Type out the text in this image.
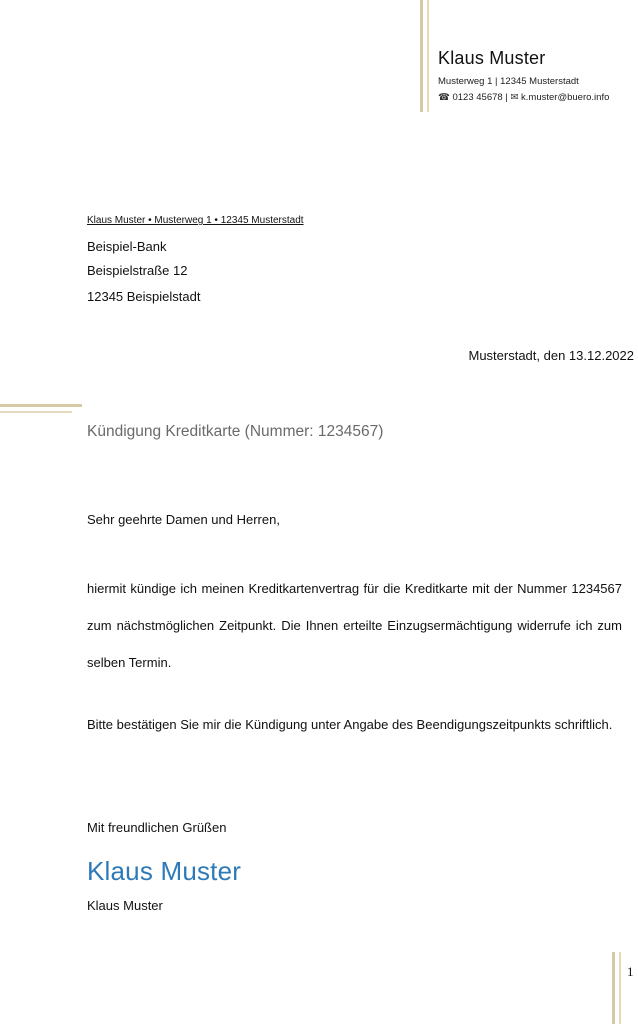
Klaus Muster
Musterweg 1 | 12345 Musterstadt
☎ 0123 45678 | ✉ k.muster@buero.info
Klaus Muster • Musterweg 1 • 12345 Musterstadt
Beispiel-Bank
Beispielstraße 12
12345 Beispielstadt
Musterstadt, den 13.12.2022
Kündigung Kreditkarte (Nummer: 1234567)
Sehr geehrte Damen und Herren,
hiermit kündige ich meinen Kreditkartenvertrag für die Kreditkarte mit der Nummer 1234567 zum nächstmöglichen Zeitpunkt. Die Ihnen erteilte Einzugsermächtigung widerrufe ich zum selben Termin.
Bitte bestätigen Sie mir die Kündigung unter Angabe des Beendigungszeitpunkts schriftlich.
Mit freundlichen Grüßen
Klaus Muster
Klaus Muster
1
